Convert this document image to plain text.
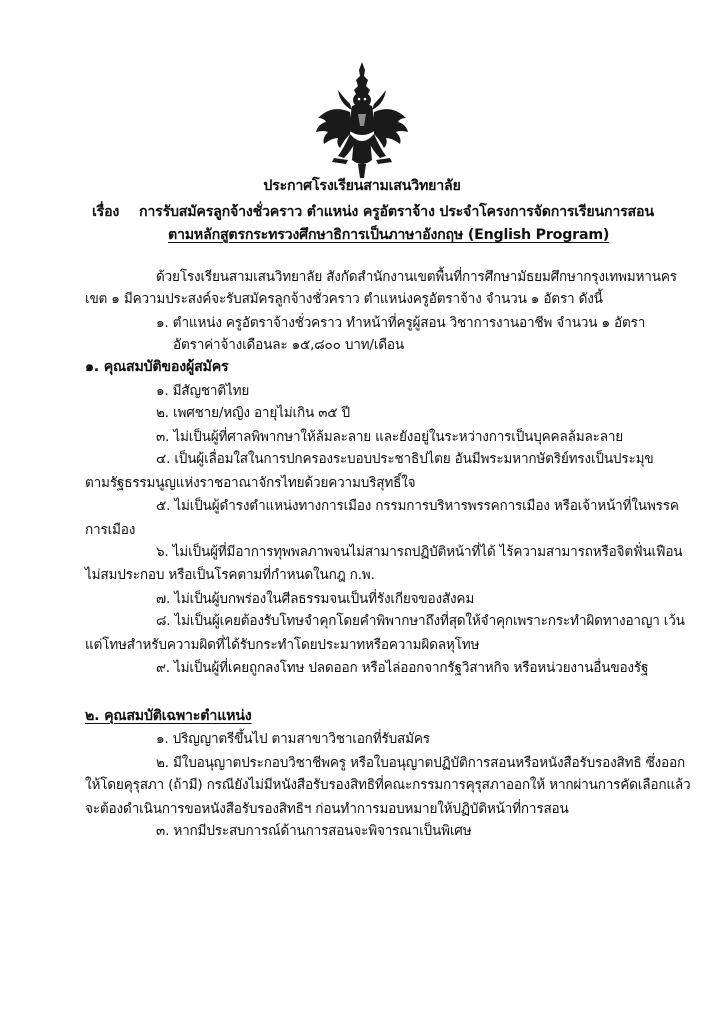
ประกาศโรงเรียนสามเสนวิทยาลัย
เรื่อง การรับสมัครลูกจ้างชั่วคราว ตำแหน่ง ครูอัตราจ้าง ประจำโครงการจัดการเรียนการสอน
ตามหลักสูตรกระทรวงศึกษาธิการเป็นภาษาอังกฤษ (English Program)
ด้วยโรงเรียนสามเสนวิทยาลัย สังกัดสำนักงานเขตพื้นที่การศึกษามัธยมศึกษากรุงเทพมหานคร
เขต ๑ มีความประสงค์จะรับสมัครลูกจ้างชั่วคราว ตำแหน่งครูอัตราจ้าง จำนวน ๑ อัตรา ดังนี้
๑. ตำแหน่ง ครูอัตราจ้างชั่วคราว ทำหน้าที่ครูผู้สอน วิชาการงานอาชีพ จำนวน ๑ อัตรา
อัตราค่าจ้างเดือนละ ๑๕,๘๐๐ บาท/เดือน
๑. คุณสมบัติของผู้สมัคร
๑. มีสัญชาติไทย
๒. เพศชาย/หญิง อายุไม่เกิน ๓๕ ปี
๓. ไม่เป็นผู้ที่ศาลพิพากษาให้ล้มละลาย และยังอยู่ในระหว่างการเป็นบุคคลล้มละลาย
๔. เป็นผู้เลื่อมใสในการปกครองระบอบประชาธิปไตย อันมีพระมหากษัตริย์ทรงเป็นประมุข
ตามรัฐธรรมนูญแห่งราชอาณาจักรไทยด้วยความบริสุทธิ์ใจ
๕. ไม่เป็นผู้ดำรงตำแหน่งทางการเมือง กรรมการบริหารพรรคการเมือง หรือเจ้าหน้าที่ในพรรค
การเมือง
๖. ไม่เป็นผู้ที่มีอาการทุพพลภาพจนไม่สามารถปฏิบัติหน้าที่ได้ ไร้ความสามารถหรือจิตฟั่นเฟือน
ไม่สมประกอบ หรือเป็นโรคตามที่กำหนดในกฎ ก.พ.
๗. ไม่เป็นผู้บกพร่องในศีลธรรมจนเป็นที่รังเกียจของสังคม
๘. ไม่เป็นผู้เคยต้องรับโทษจำคุกโดยคำพิพากษาถึงที่สุดให้จำคุกเพราะกระทำผิดทางอาญา เว้น
แต่โทษสำหรับความผิดที่ได้รับกระทำโดยประมาทหรือความผิดลหุโทษ
๙. ไม่เป็นผู้ที่เคยถูกลงโทษ ปลดออก หรือไล่ออกจากรัฐวิสาหกิจ หรือหน่วยงานอื่นของรัฐ
๒. คุณสมบัติเฉพาะตำแหน่ง
๑. ปริญญาตรีขึ้นไป ตามสาขาวิชาเอกที่รับสมัคร
๒. มีใบอนุญาตประกอบวิชาชีพครู หรือใบอนุญาตปฏิบัติการสอนหรือหนังสือรับรองสิทธิ ซึ่งออก
ให้โดยคุรุสภา (ถ้ามี) กรณียังไม่มีหนังสือรับรองสิทธิที่คณะกรรมการคุรุสภาออกให้ หากผ่านการคัดเลือกแล้ว
จะต้องดำเนินการขอหนังสือรับรองสิทธิฯ ก่อนทำการมอบหมายให้ปฏิบัติหน้าที่การสอน
๓. หากมีประสบการณ์ด้านการสอนจะพิจารณาเป็นพิเศษ
